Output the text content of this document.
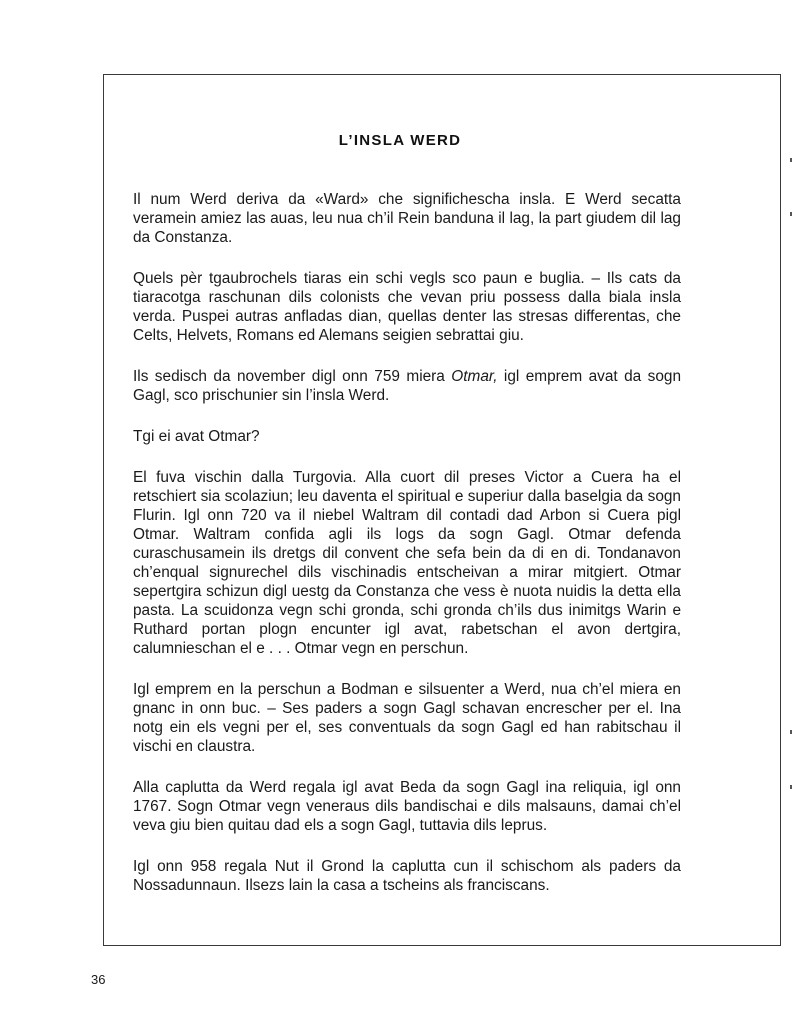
L’INSLA WERD

Il num Werd deriva da «Ward» che significhescha insla. E Werd secatta veramein amiez las auas, leu nua ch’il Rein banduna il lag, la part giudem dil lag da Constanza.

Quels pèr tgaubrochels tiaras ein schi vegls sco paun e buglia. – Ils cats da tiaracotga raschunan dils colonists che vevan priu possess dalla biala insla verda. Puspei autras anfladas dian, quellas denter las stresas differentas, che Celts, Helvets, Romans ed Alemans seigien sebrattai giu.

Ils sedisch da november digl onn 759 miera Otmar, igl emprem avat da sogn Gagl, sco prischunier sin l’insla Werd.

Tgi ei avat Otmar?

El fuva vischin dalla Turgovia. Alla cuort dil preses Victor a Cuera ha el retschiert sia scolaziun; leu daventa el spiritual e superiur dalla baselgia da sogn Flurin. Igl onn 720 va il niebel Waltram dil contadi dad Arbon si Cuera pigl Otmar. Waltram confida agli ils logs da sogn Gagl. Otmar defenda curaschusamein ils dretgs dil convent che sefa bein da di en di. Tondanavon ch’enqual signurechel dils vischinadis entscheivan a mirar mitgiert. Otmar sepertgira schizun digl uestg da Constanza che vess è nuota nuidis la detta ella pasta. La scuidonza vegn schi gronda, schi gronda ch’ils dus inimitgs Warin e Ruthard portan plogn encunter igl avat, rabetschan el avon dertgira, calumnieschan el e . . . Otmar vegn en perschun.

Igl emprem en la perschun a Bodman e silsuenter a Werd, nua ch’el miera en gnanc in onn buc. – Ses paders a sogn Gagl schavan encrescher per el. Ina notg ein els vegni per el, ses conventuals da sogn Gagl ed han rabitschau il vischi en claustra.

Alla caplutta da Werd regala igl avat Beda da sogn Gagl ina reliquia, igl onn 1767. Sogn Otmar vegn veneraus dils bandischai e dils malsauns, damai ch’el veva giu bien quitau dad els a sogn Gagl, tuttavia dils leprus.

Igl onn 958 regala Nut il Grond la caplutta cun il schischom als paders da Nossadunnaun. Ilsezs lain la casa a tscheins als franciscans.

36
